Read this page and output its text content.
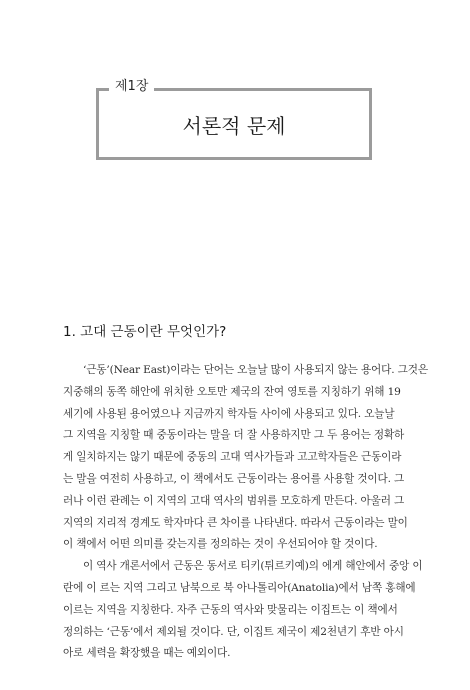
제1장
서론적 문제
1. 고대 근동이란 무엇인가?
‘근동’(Near East)이라는 단어는 오늘날 많이 사용되지 않는 용어다. 그것은
지중해의 동쪽 해안에 위치한 오토만 제국의 잔여 영토를 지칭하기 위해 19
세기에 사용된 용어였으나 지금까지 학자들 사이에 사용되고 있다. 오늘날
그 지역을 지칭할 때 중동이라는 말을 더 잘 사용하지만 그 두 용어는 정확하
게 일치하지는 않기 때문에 중동의 고대 역사가들과 고고학자들은 근동이라
는 말을 여전히 사용하고, 이 책에서도 근동이라는 용어를 사용할 것이다. 그
러나 이런 관례는 이 지역의 고대 역사의 범위를 모호하게 만든다. 아울러 그
지역의 지리적 경계도 학자마다 큰 차이를 나타낸다. 따라서 근동이라는 말이
이 책에서 어떤 의미를 갖는지를 정의하는 것이 우선되어야 할 것이다.
이 역사 개론서에서 근동은 동서로 티키(튀르키예)의 에게 해안에서 중앙 이
란에 이 르는 지역 그리고 남북으로 북 아나톨리아(Anatolia)에서 남쪽 홍해에
이르는 지역을 지칭한다. 자주 근동의 역사와 맞물리는 이집트는 이 책에서
정의하는 ‘근동’에서 제외될 것이다. 단, 이집트 제국이 제2천년기 후반 아시
아로 세력을 확장했을 때는 예외이다.
